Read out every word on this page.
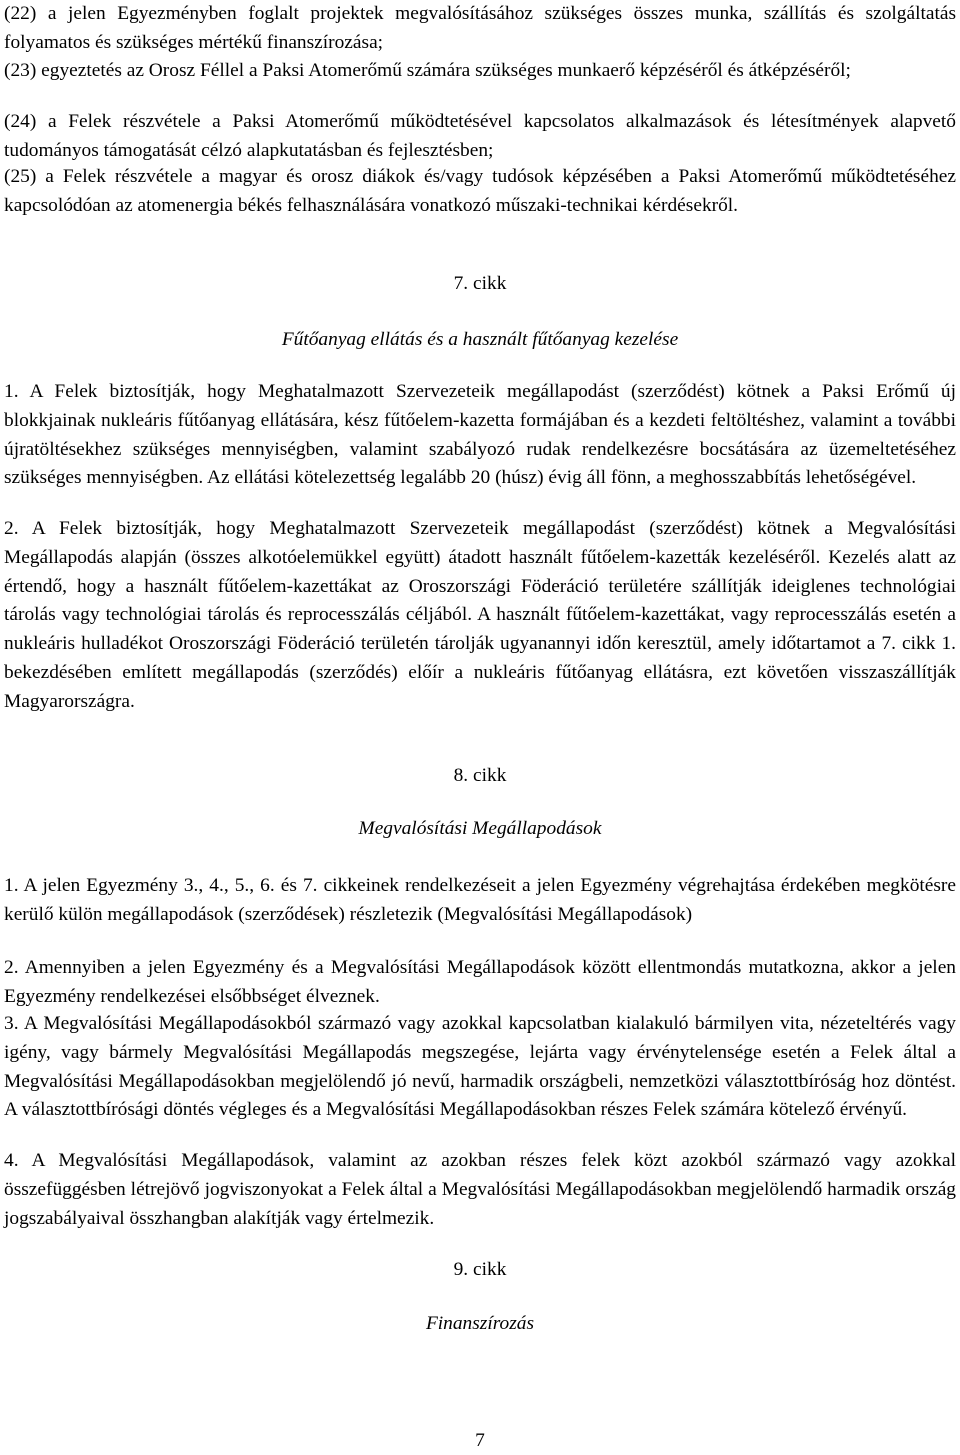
(22) a jelen Egyezményben foglalt projektek megvalósításához szükséges összes munka, szállítás és szolgáltatás folyamatos és szükséges mértékű finanszírozása;

(23) egyeztetés az Orosz Féllel a Paksi Atomerőmű számára szükséges munkaerő képzéséről és átképzéséről;

(24) a Felek részvétele a Paksi Atomerőmű működtetésével kapcsolatos alkalmazások és létesítmények alapvető tudományos támogatását célzó alapkutatásban és fejlesztésben;

(25) a Felek részvétele a magyar és orosz diákok és/vagy tudósok képzésében a Paksi Atomerőmű működtetéséhez kapcsolódóan az atomenergia békés felhasználására vonatkozó műszaki-technikai kérdésekről.

7. cikk

Fűtőanyag ellátás és a használt fűtőanyag kezelése

1. A Felek biztosítják, hogy Meghatalmazott Szervezeteik megállapodást (szerződést) kötnek a Paksi Erőmű új blokkjainak nukleáris fűtőanyag ellátására, kész fűtőelem-kazetta formájában és a kezdeti feltöltéshez, valamint a további újratöltésekhez szükséges mennyiségben, valamint szabályozó rudak rendelkezésre bocsátására az üzemeltetéséhez szükséges mennyiségben. Az ellátási kötelezettség legalább 20 (húsz) évig áll fönn, a meghosszabbítás lehetőségével.

2. A Felek biztosítják, hogy Meghatalmazott Szervezeteik megállapodást (szerződést) kötnek a Megvalósítási Megállapodás alapján (összes alkotóelemükkel együtt) átadott használt fűtőelem-kazetták kezeléséről. Kezelés alatt az értendő, hogy a használt fűtőelem-kazettákat az Oroszországi Föderáció területére szállítják ideiglenes technológiai tárolás vagy technológiai tárolás és reprocesszálás céljából. A használt fűtőelem-kazettákat, vagy reprocesszálás esetén a nukleáris hulladékot Oroszországi Föderáció területén tárolják ugyanannyi időn keresztül, amely időtartamot a 7. cikk 1. bekezdésében említett megállapodás (szerződés) előír a nukleáris fűtőanyag ellátásra, ezt követően visszaszállítják Magyarországra.

8. cikk

Megvalósítási Megállapodások

1. A jelen Egyezmény 3., 4., 5., 6. és 7. cikkeinek rendelkezéseit a jelen Egyezmény végrehajtása érdekében megkötésre kerülő külön megállapodások (szerződések) részletezik (Megvalósítási Megállapodások)

2. Amennyiben a jelen Egyezmény és a Megvalósítási Megállapodások között ellentmondás mutatkozna, akkor a jelen Egyezmény rendelkezései elsőbbséget élveznek.

3. A Megvalósítási Megállapodásokból származó vagy azokkal kapcsolatban kialakuló bármilyen vita, nézeteltérés vagy igény, vagy bármely Megvalósítási Megállapodás megszegése, lejárta vagy érvénytelensége esetén a Felek által a Megvalósítási Megállapodásokban megjelölendő jó nevű, harmadik országbeli, nemzetközi választottbíróság hoz döntést. A választottbírósági döntés végleges és a Megvalósítási Megállapodásokban részes Felek számára kötelező érvényű.

4. A Megvalósítási Megállapodások, valamint az azokban részes felek közt azokból származó vagy azokkal összefüggésben létrejövő jogviszonyokat a Felek által a Megvalósítási Megállapodásokban megjelölendő harmadik ország jogszabályaival összhangban alakítják vagy értelmezik.

9. cikk

Finanszírozás

7
